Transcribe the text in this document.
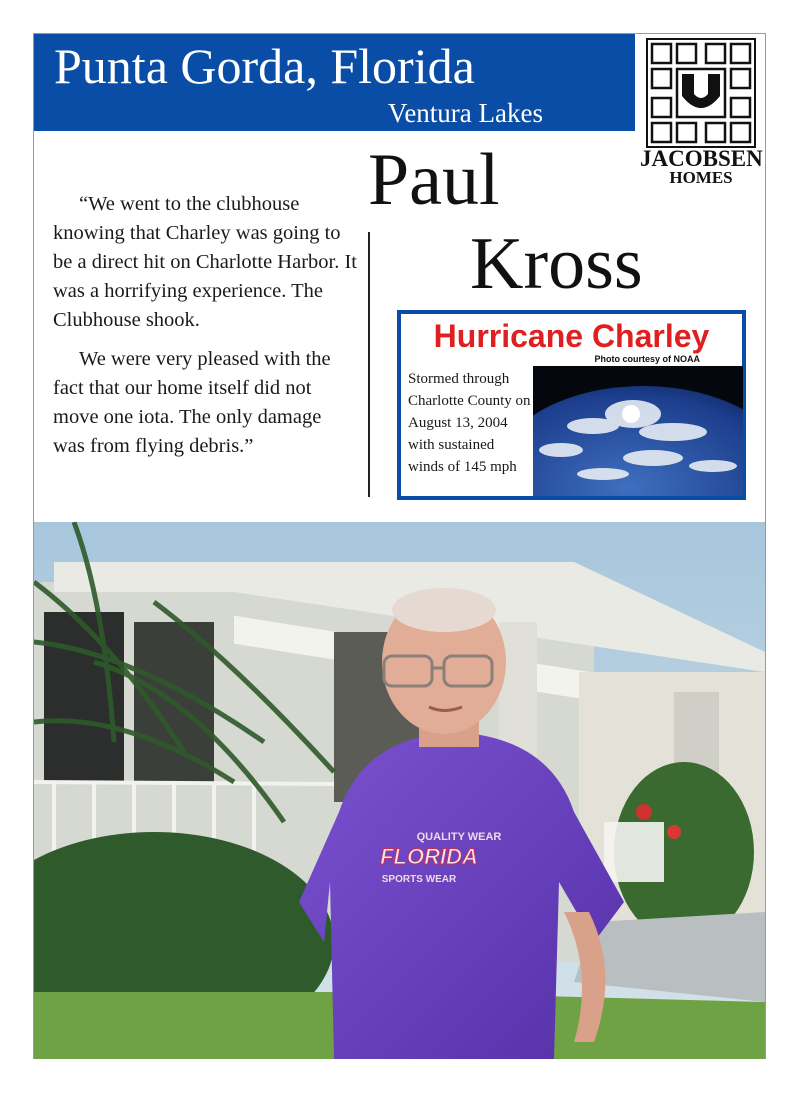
Punta Gorda, Florida
Ventura Lakes
JACOBSEN
HOMES
Paul
Kross

“We went to the clubhouse knowing that Charley was going to be a direct hit on Charlotte Harbor. It was a horrifying experience. The Clubhouse shook.

We were very pleased with the fact that our home itself did not move one iota. The only damage was from flying debris.”

Hurricane Charley
Photo courtesy of NOAA
Stormed through Charlotte County on August 13, 2004 with sustained winds of 145 mph
QUALITY WEAR
FLORIDA
SPORTS WEAR
